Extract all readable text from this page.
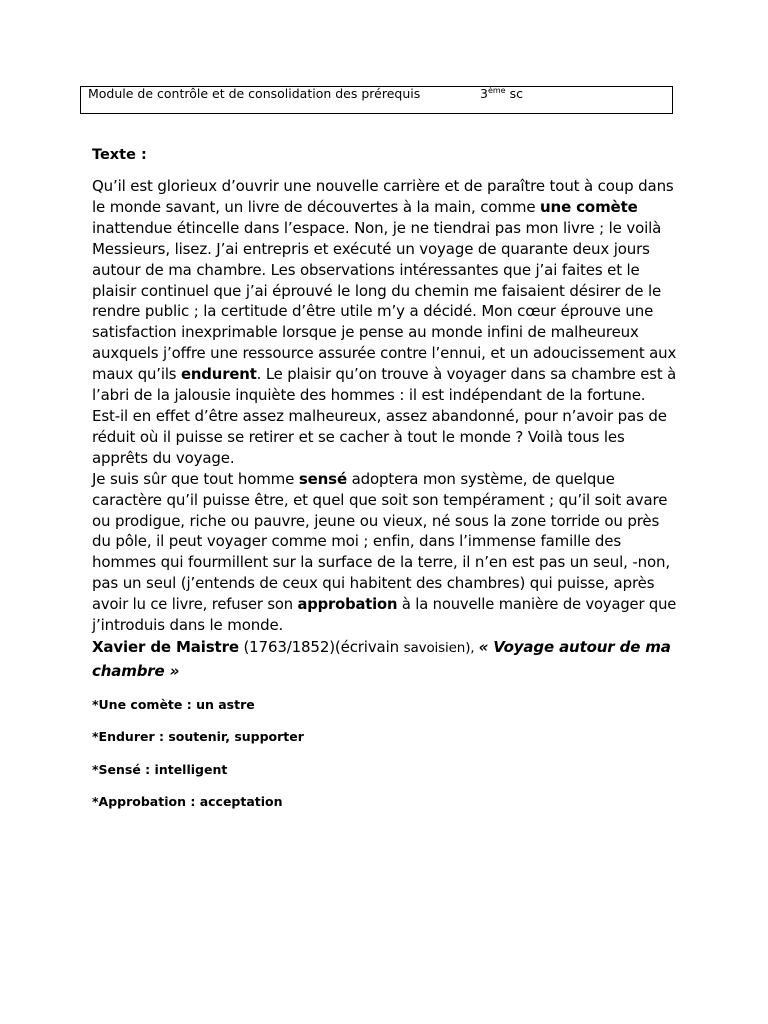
Module de contrôle et de consolidation des prérequis	3ème sc
Texte :
Qu’il est glorieux d’ouvrir une nouvelle carrière et de paraître tout à coup dans
le monde savant, un livre de découvertes à la main, comme une comète
inattendue étincelle dans l’espace. Non, je ne tiendrai pas mon livre ; le voilà
Messieurs, lisez. J’ai entrepris et exécuté un voyage de quarante deux jours
autour de ma chambre. Les observations intéressantes que j’ai faites et le
plaisir continuel que j’ai éprouvé le long du chemin me faisaient désirer de le
rendre public ; la certitude d’être utile m’y a décidé. Mon cœur éprouve une
satisfaction inexprimable lorsque je pense au monde infini de malheureux
auxquels j’offre une ressource assurée contre l’ennui, et un adoucissement aux
maux qu’ils endurent. Le plaisir qu’on trouve à voyager dans sa chambre est à
l’abri de la jalousie inquiète des hommes : il est indépendant de la fortune.
Est-il en effet d’être assez malheureux, assez abandonné, pour n’avoir pas de
réduit où il puisse se retirer et se cacher à tout le monde ? Voilà tous les
apprêts du voyage.
Je suis sûr que tout homme sensé adoptera mon système, de quelque
caractère qu’il puisse être, et quel que soit son tempérament ; qu’il soit avare
ou prodigue, riche ou pauvre, jeune ou vieux, né sous la zone torride ou près
du pôle, il peut voyager comme moi ; enfin, dans l’immense famille des
hommes qui fourmillent sur la surface de la terre, il n’en est pas un seul, -non,
pas un seul (j’entends de ceux qui habitent des chambres) qui puisse, après
avoir lu ce livre, refuser son approbation à la nouvelle manière de voyager que
j’introduis dans le monde.
Xavier de Maistre (1763/1852)(écrivain savoisien), « Voyage autour de ma
chambre »
*Une comète : un astre
*Endurer : soutenir, supporter
*Sensé : intelligent
*Approbation : acceptation
